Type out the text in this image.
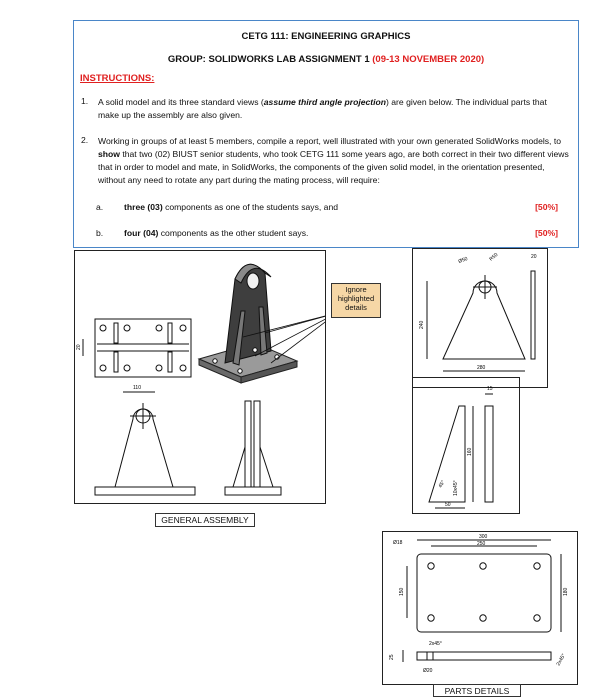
CETG 111: ENGINEERING GRAPHICS
GROUP: SOLIDWORKS LAB ASSIGNMENT 1 (09-13 NOVEMBER 2020)
INSTRUCTIONS:
1. A solid model and its three standard views (assume third angle projection) are given below. The individual parts that make up the assembly are also given.
2. Working in groups of at least 5 members, compile a report, well illustrated with your own generated SolidWorks models, to show that two (02) BIUST senior students, who took CETG 111 some years ago, are both correct in their two different views that in order to model and mate, in SolidWorks, the components of the given solid model, in the orientation presented, without any need to rotate any part during the mating process, will require:
a. three (03) components as one of the students says, and	[50%]
b. four (04) components as the other student says.	[50%]
20
110
Ignore highlighted details
GENERAL ASSEMBLY
Ø50	R50	20
240
280
15
160
10x45°
50
45°
Ø18
300
250
150	180
25
2x45°
Ø20
2x45°
PARTS DETAILS
